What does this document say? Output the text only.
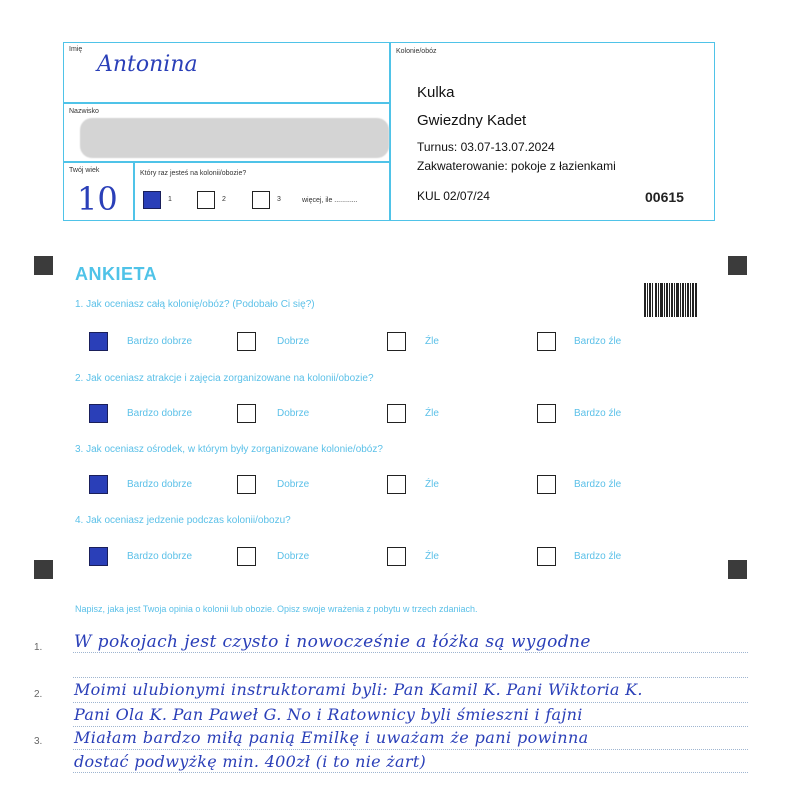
Imię
Antonina
Nazwisko
Twój wiek
10
Który raz jesteś na kolonii/obozie?
1	2	3	więcej, ile ............
Kolonie/obóz
Kulka
Gwiezdny Kadet
Turnus: 03.07-13.07.2024
Zakwaterowanie: pokoje z łazienkami
KUL 02/07/24	00615
ANKIETA
1. Jak oceniasz całą kolonię/obóz? (Podobało Ci się?)
Bardzo dobrze	Dobrze	Źle	Bardzo źle
2. Jak oceniasz atrakcje i zajęcia zorganizowane na kolonii/obozie?
Bardzo dobrze	Dobrze	Źle	Bardzo źle
3. Jak oceniasz ośrodek, w którym były zorganizowane kolonie/obóz?
Bardzo dobrze	Dobrze	Źle	Bardzo źle
4. Jak oceniasz jedzenie podczas kolonii/obozu?
Bardzo dobrze	Dobrze	Źle	Bardzo źle
Napisz, jaka jest Twoja opinia o kolonii lub obozie. Opisz swoje wrażenia z pobytu w trzech zdaniach.
1.
2.
3.
W pokojach jest czysto i nowocześnie a łóżka są wygodne
Moimi ulubionymi instruktorami byli: Pan Kamil K. Pani Wiktoria K.
Pani Ola K. Pan Paweł G. No i Ratownicy byli śmieszni i fajni
Miałam bardzo miłą panią Emilkę i uważam że pani powinna
dostać podwyżkę min. 400zł (i to nie żart)
